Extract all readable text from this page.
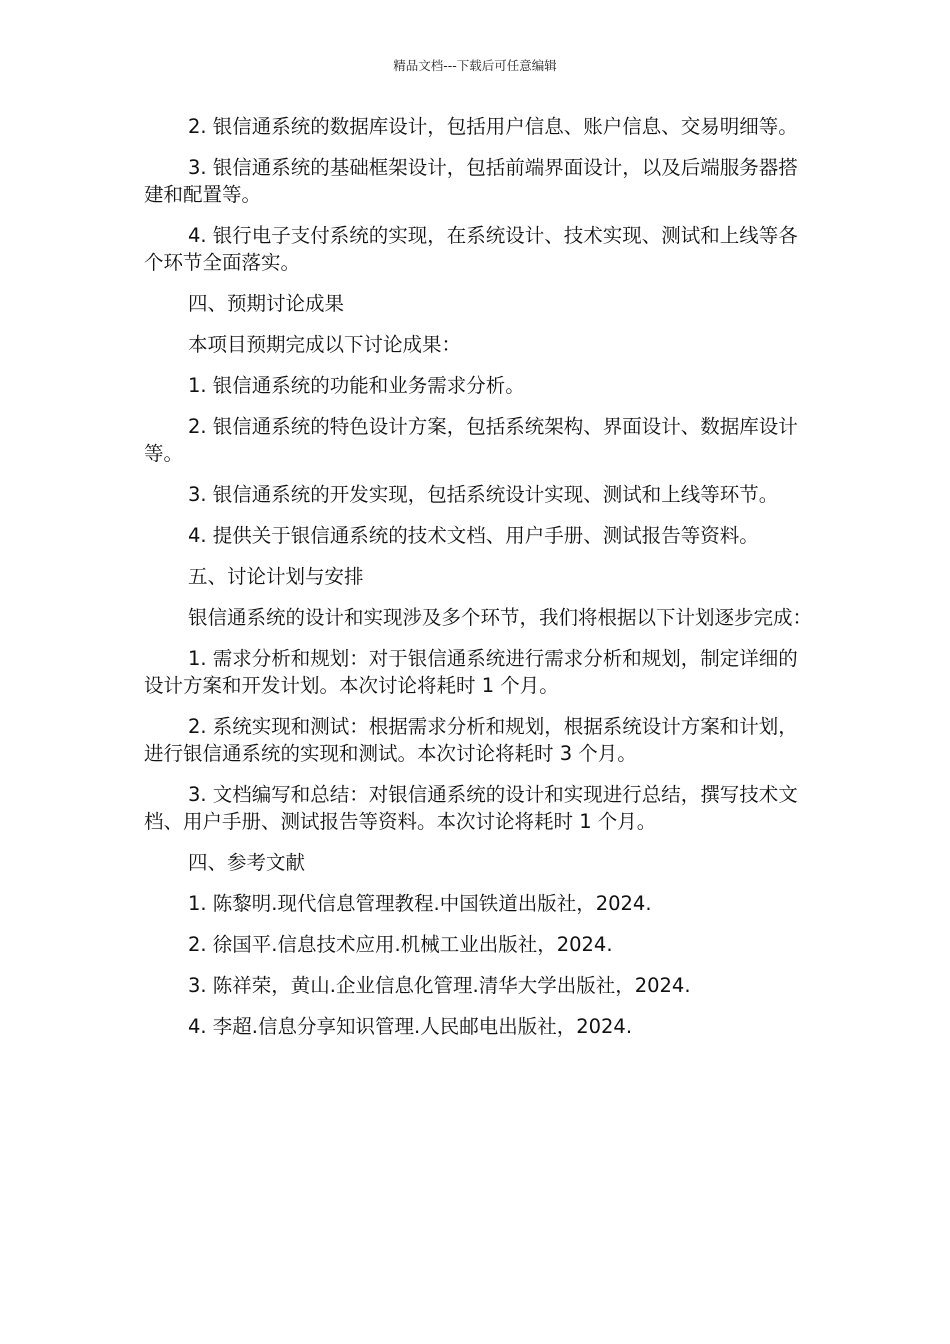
精品文档---下载后可任意编辑

2. 银信通系统的数据库设计，包括用户信息、账户信息、交易明细等。

3. 银信通系统的基础框架设计，包括前端界面设计，以及后端服务器搭建和配置等。

4. 银行电子支付系统的实现，在系统设计、技术实现、测试和上线等各个环节全面落实。

四、预期讨论成果

本项目预期完成以下讨论成果：

1. 银信通系统的功能和业务需求分析。

2. 银信通系统的特色设计方案，包括系统架构、界面设计、数据库设计等。

3. 银信通系统的开发实现，包括系统设计实现、测试和上线等环节。

4. 提供关于银信通系统的技术文档、用户手册、测试报告等资料。

五、讨论计划与安排

银信通系统的设计和实现涉及多个环节，我们将根据以下计划逐步完成：

1. 需求分析和规划：对于银信通系统进行需求分析和规划，制定详细的设计方案和开发计划。本次讨论将耗时 1 个月。

2. 系统实现和测试：根据需求分析和规划，根据系统设计方案和计划，进行银信通系统的实现和测试。本次讨论将耗时 3 个月。

3. 文档编写和总结：对银信通系统的设计和实现进行总结，撰写技术文档、用户手册、测试报告等资料。本次讨论将耗时 1 个月。

四、参考文献

1. 陈黎明.现代信息管理教程.中国铁道出版社，2024.

2. 徐国平.信息技术应用.机械工业出版社，2024.

3. 陈祥荣，黄山.企业信息化管理.清华大学出版社，2024.

4. 李超.信息分享知识管理.人民邮电出版社，2024.
